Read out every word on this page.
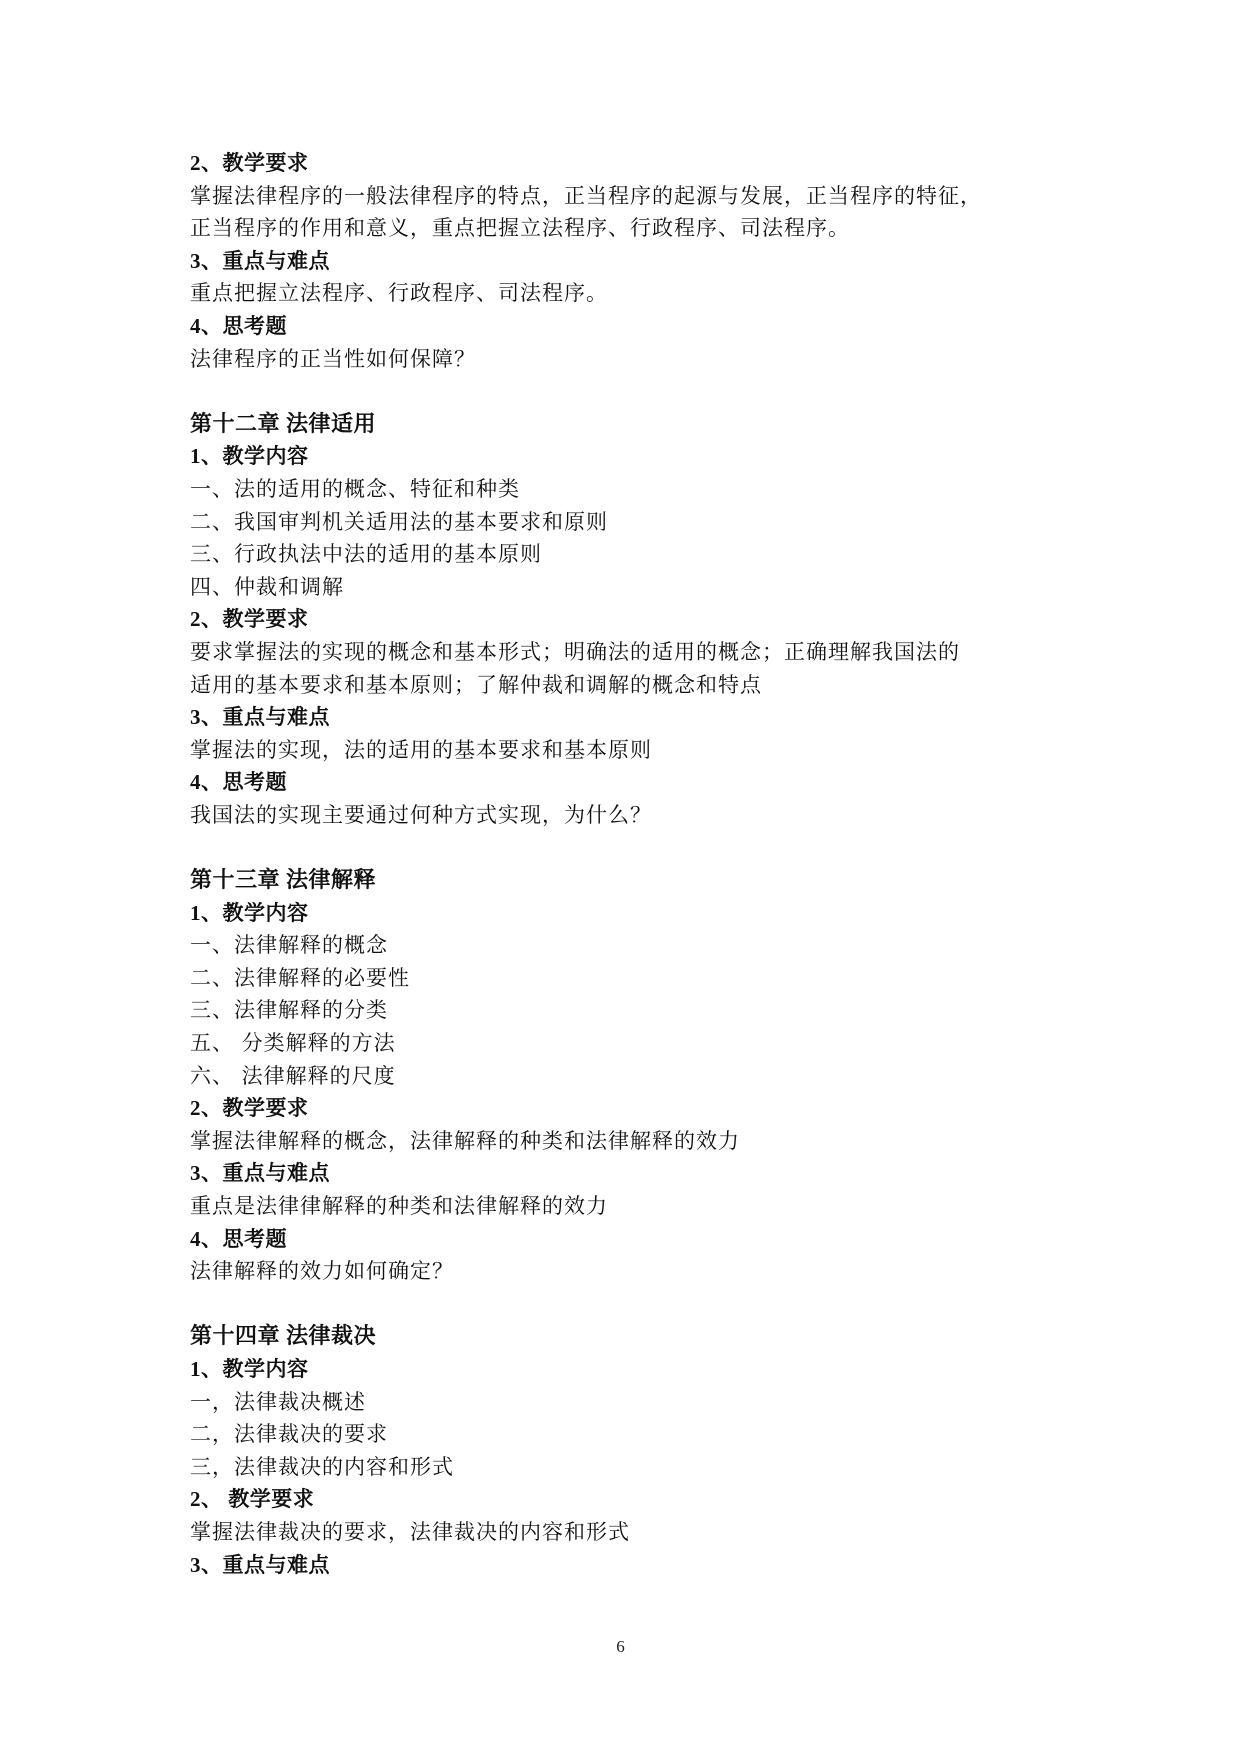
2、教学要求
掌握法律程序的一般法律程序的特点，正当程序的起源与发展，正当程序的特征，
正当程序的作用和意义，重点把握立法程序、行政程序、司法程序。
3、重点与难点
重点把握立法程序、行政程序、司法程序。
4、思考题
法律程序的正当性如何保障？
第十二章 法律适用
1、教学内容
一、法的适用的概念、特征和种类
二、我国审判机关适用法的基本要求和原则
三、行政执法中法的适用的基本原则
四、仲裁和调解
2、教学要求
要求掌握法的实现的概念和基本形式；明确法的适用的概念；正确理解我国法的
适用的基本要求和基本原则；了解仲裁和调解的概念和特点
3、重点与难点
掌握法的实现，法的适用的基本要求和基本原则
4、思考题
我国法的实现主要通过何种方式实现，为什么？
第十三章 法律解释
1、教学内容
一、法律解释的概念
二、法律解释的必要性
三、法律解释的分类
五、 分类解释的方法
六、 法律解释的尺度
2、教学要求
掌握法律解释的概念，法律解释的种类和法律解释的效力
3、重点与难点
重点是法律律解释的种类和法律解释的效力
4、思考题
法律解释的效力如何确定？
第十四章 法律裁决
1、教学内容
一，法律裁决概述
二，法律裁决的要求
三，法律裁决的内容和形式
2、 教学要求
掌握法律裁决的要求，法律裁决的内容和形式
3、重点与难点
6
